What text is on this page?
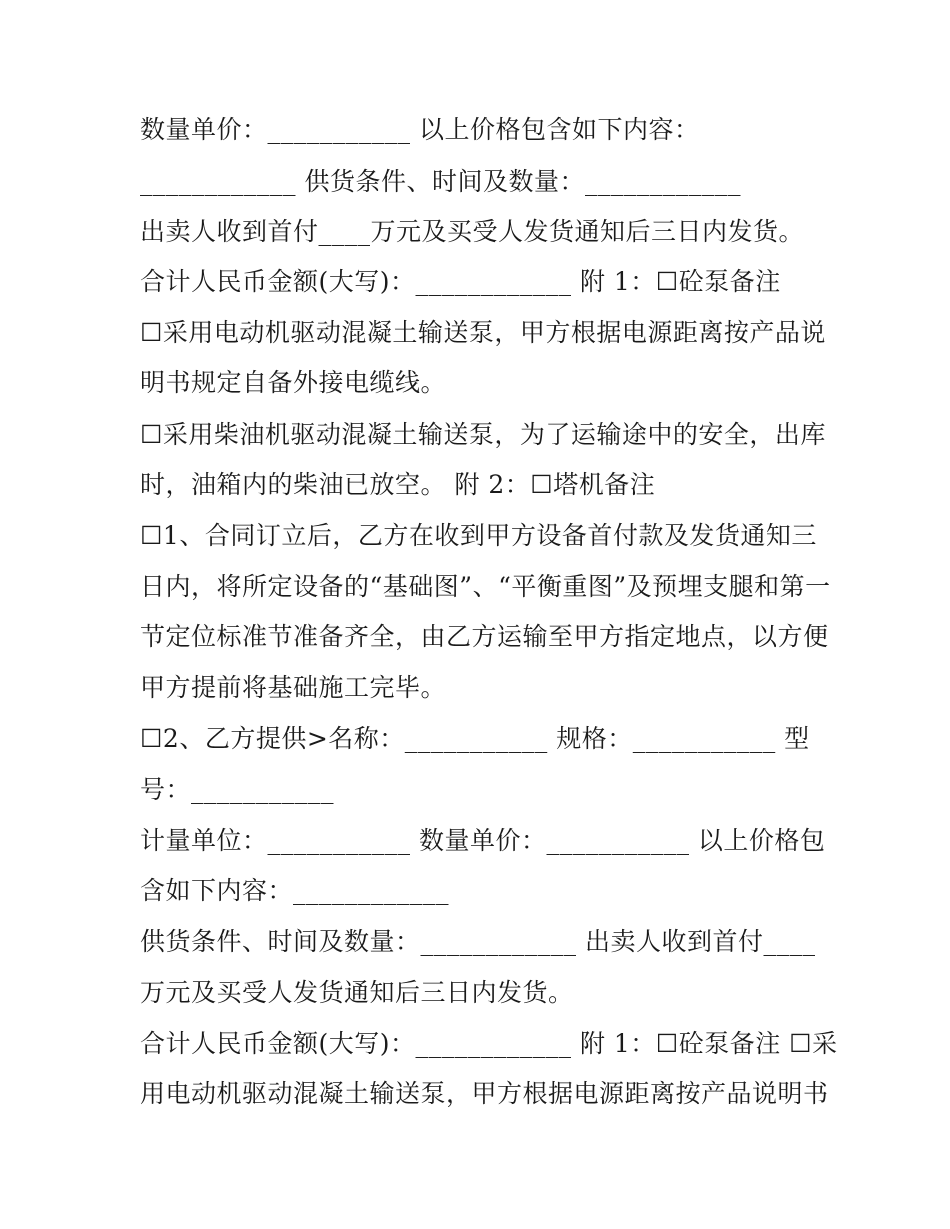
数量单价：___________ 以上价格包含如下内容：
____________ 供货条件、时间及数量：____________
出卖人收到首付____万元及买受人发货通知后三日内发货。
合计人民币金额(大写)：____________ 附 1：☐砼泵备注
☐采用电动机驱动混凝土输送泵，甲方根据电源距离按产品说
明书规定自备外接电缆线。
☐采用柴油机驱动混凝土输送泵，为了运输途中的安全，出库
时，油箱内的柴油已放空。 附 2：☐塔机备注
☐1、合同订立后，乙方在收到甲方设备首付款及发货通知三
日内，将所定设备的“基础图”、“平衡重图”及预埋支腿和第一
节定位标准节准备齐全，由乙方运输至甲方指定地点，以方便
甲方提前将基础施工完毕。
☐2、乙方提供>名称：___________ 规格：___________ 型
号：___________
计量单位：___________ 数量单价：___________ 以上价格包
含如下内容：____________
供货条件、时间及数量：____________ 出卖人收到首付____
万元及买受人发货通知后三日内发货。
合计人民币金额(大写)：____________ 附 1：☐砼泵备注 ☐采
用电动机驱动混凝土输送泵，甲方根据电源距离按产品说明书
